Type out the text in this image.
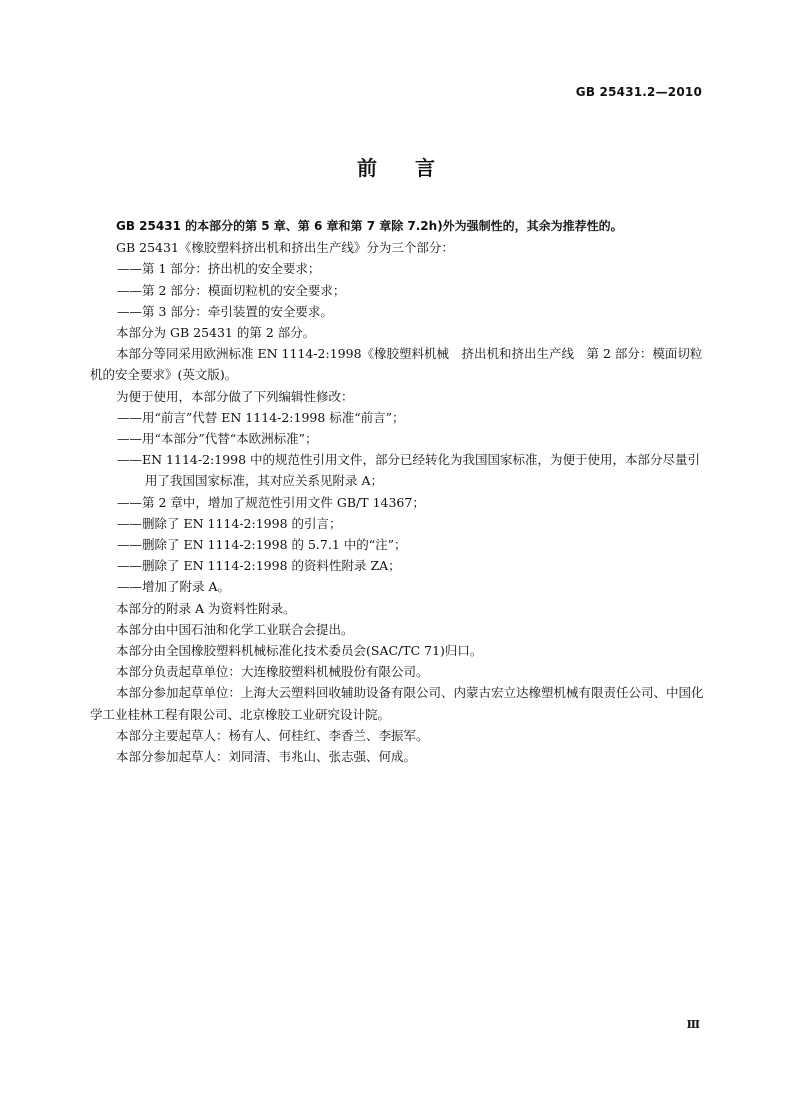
GB 25431.2—2010
前 言

GB 25431 的本部分的第 5 章、第 6 章和第 7 章除 7.2h)外为强制性的，其余为推荐性的。

GB 25431《橡胶塑料挤出机和挤出生产线》分为三个部分：

——第 1 部分：挤出机的安全要求；

——第 2 部分：模面切粒机的安全要求；

——第 3 部分：牵引装置的安全要求。

本部分为 GB 25431 的第 2 部分。

本部分等同采用欧洲标准 EN 1114-2:1998《橡胶塑料机械　挤出机和挤出生产线　第 2 部分：模面切粒机的安全要求》(英文版)。

为便于使用，本部分做了下列编辑性修改：

——用“前言”代替 EN 1114-2:1998 标准“前言”；

——用“本部分”代替“本欧洲标准”；

——EN 1114-2:1998 中的规范性引用文件，部分已经转化为我国国家标准，为便于使用，本部分尽量引用了我国国家标准，其对应关系见附录 A；

——第 2 章中，增加了规范性引用文件 GB/T 14367；

——删除了 EN 1114-2:1998 的引言；

——删除了 EN 1114-2:1998 的 5.7.1 中的“注”；

——删除了 EN 1114-2:1998 的资料性附录 ZA；

——增加了附录 A。

本部分的附录 A 为资料性附录。

本部分由中国石油和化学工业联合会提出。

本部分由全国橡胶塑料机械标准化技术委员会(SAC/TC 71)归口。

本部分负责起草单位：大连橡胶塑料机械股份有限公司。

本部分参加起草单位：上海大云塑料回收辅助设备有限公司、内蒙古宏立达橡塑机械有限责任公司、中国化学工业桂林工程有限公司、北京橡胶工业研究设计院。

本部分主要起草人：杨有人、何桂红、李香兰、李振军。

本部分参加起草人：刘同清、韦兆山、张志强、何成。

Ⅲ
